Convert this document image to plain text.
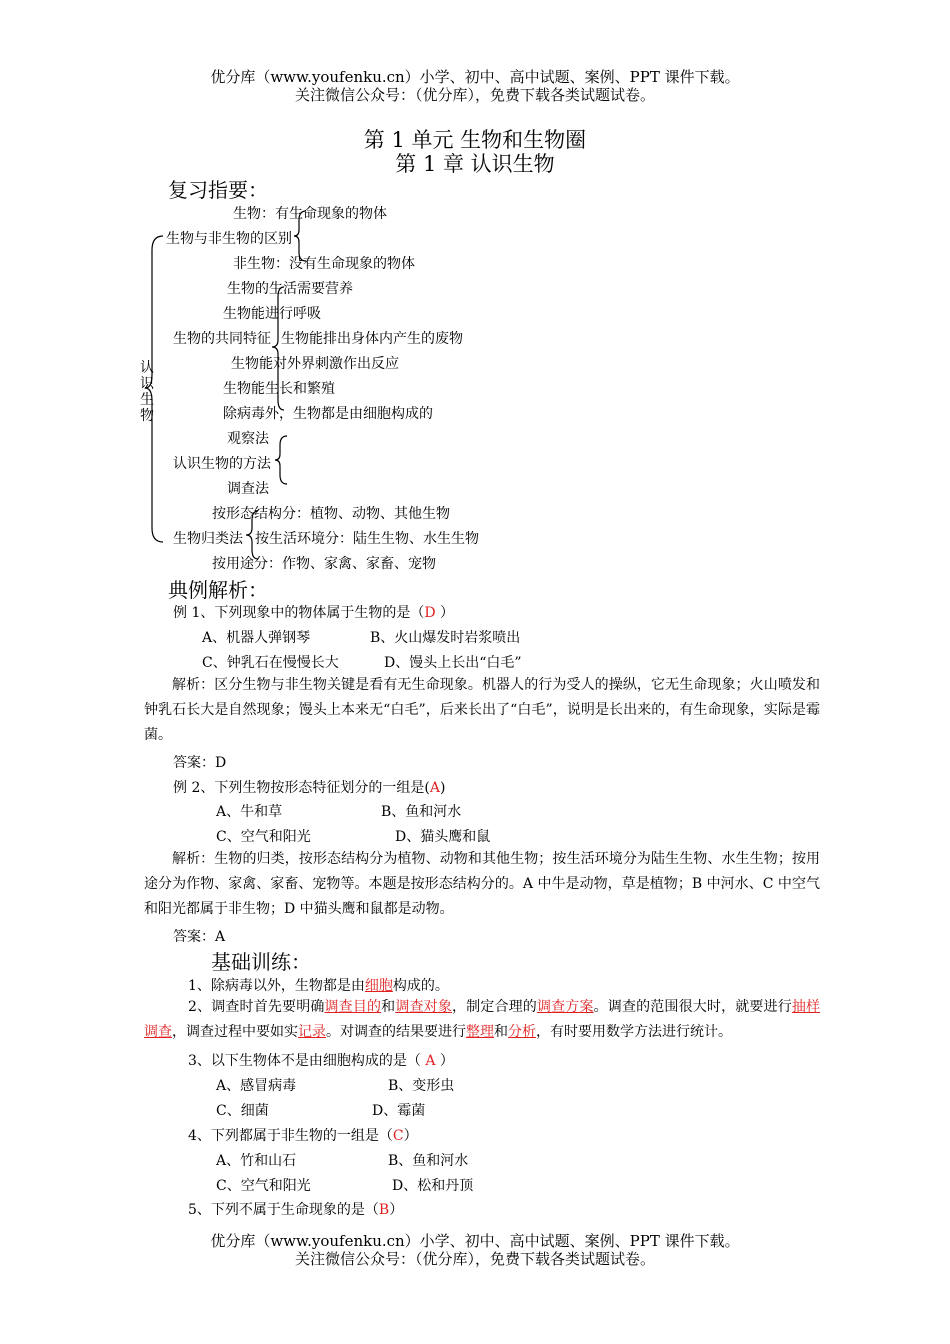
优分库（www.youfenku.cn）小学、初中、高中试题、案例、PPT 课件下载。
关注微信公众号：（优分库），免费下载各类试题试卷。
第 1 单元 生物和生物圈
第 1 章 认识生物
复习指要：
认识生物
生物：有生命现象的物体
生物与非生物的区别
非生物：没有生命现象的物体
生物的生活需要营养
生物能进行呼吸
生物的共同特征 生物能排出身体内产生的废物
生物能对外界刺激作出反应
生物能生长和繁殖
除病毒外，生物都是由细胞构成的
观察法
认识生物的方法
调查法
按形态结构分：植物、动物、其他生物
生物归类法 按生活环境分：陆生生物、水生生物
按用途分：作物、家禽、家畜、宠物
典例解析：
例 1、下列现象中的物体属于生物的是（D ）
A、机器人弹钢琴	B、火山爆发时岩浆喷出
C、钟乳石在慢慢长大	D、馒头上长出“白毛”
解析：区分生物与非生物关键是看有无生命现象。机器人的行为受人的操纵，它无生命现象；火山喷发和钟乳石长大是自然现象；馒头上本来无“白毛”，后来长出了“白毛”，说明是长出来的，有生命现象，实际是霉菌。
答案：D
例 2、下列生物按形态特征划分的一组是(A)
A、牛和草	B、鱼和河水
C、空气和阳光	D、猫头鹰和鼠
解析：生物的归类，按形态结构分为植物、动物和其他生物；按生活环境分为陆生生物、水生生物；按用途分为作物、家禽、家畜、宠物等。本题是按形态结构分的。A 中牛是动物，草是植物；B 中河水、C 中空气和阳光都属于非生物；D 中猫头鹰和鼠都是动物。
答案：A
基础训练：
1、除病毒以外，生物都是由细胞构成的。
2、调查时首先要明确调查目的和调查对象，制定合理的调查方案。调查的范围很大时，就要进行抽样调查，调查过程中要如实记录。对调查的结果要进行整理和分析，有时要用数学方法进行统计。
3、以下生物体不是由细胞构成的是（ A ）
A、感冒病毒	B、变形虫
C、细菌	D、霉菌
4、下列都属于非生物的一组是（C）
A、竹和山石	B、鱼和河水
C、空气和阳光	D、松和丹顶
5、下列不属于生命现象的是（B）
优分库（www.youfenku.cn）小学、初中、高中试题、案例、PPT 课件下载。
关注微信公众号：（优分库），免费下载各类试题试卷。
